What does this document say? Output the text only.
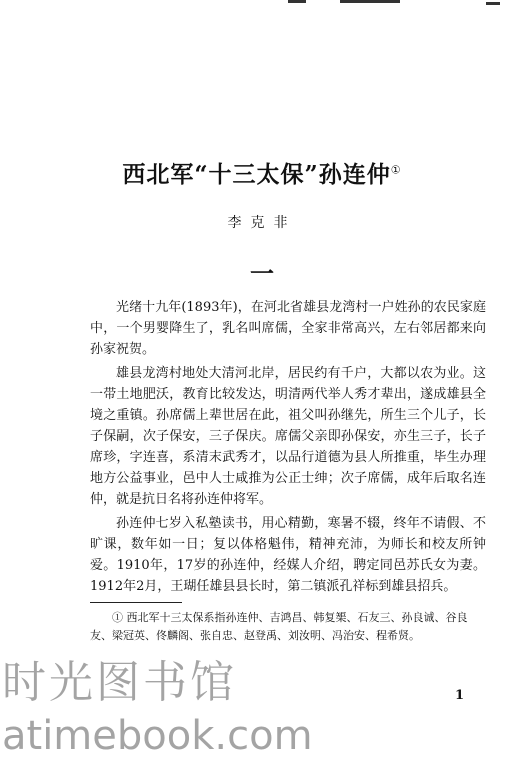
西北军“十三太保”孙连仲①
李克非
一

光绪十九年(1893年)，在河北省雄县龙湾村一户姓孙的农民家庭中，一个男婴降生了，乳名叫席儒，全家非常高兴，左右邻居都来向孙家祝贺。

雄县龙湾村地处大清河北岸，居民约有千户，大都以农为业。这一带土地肥沃，教育比较发达，明清两代举人秀才辈出，遂成雄县全境之重镇。孙席儒上辈世居在此，祖父叫孙继先，所生三个儿子，长子保嗣，次子保安，三子保庆。席儒父亲即孙保安，亦生三子，长子席珍，字连喜，系清末武秀才，以品行道德为县人所推重，毕生办理地方公益事业，邑中人士咸推为公正士绅；次子席儒，成年后取名连仲，就是抗日名将孙连仲将军。

孙连仲七岁入私塾读书，用心精勤，寒暑不辍，终年不请假、不旷课，数年如一日；复以体格魁伟，精神充沛，为师长和校友所钟爱。1910年，17岁的孙连仲，经媒人介绍，聘定同邑苏氏女为妻。1912年2月，王瑚任雄县县长时，第二镇派孔祥标到雄县招兵。

① 西北军十三太保系指孙连仲、吉鸿昌、韩复榘、石友三、孙良诚、谷良友、梁冠英、佟麟阁、张自忠、赵登禹、刘汝明、冯治安、程希贤。
1
时光图书馆
atimebook.com
